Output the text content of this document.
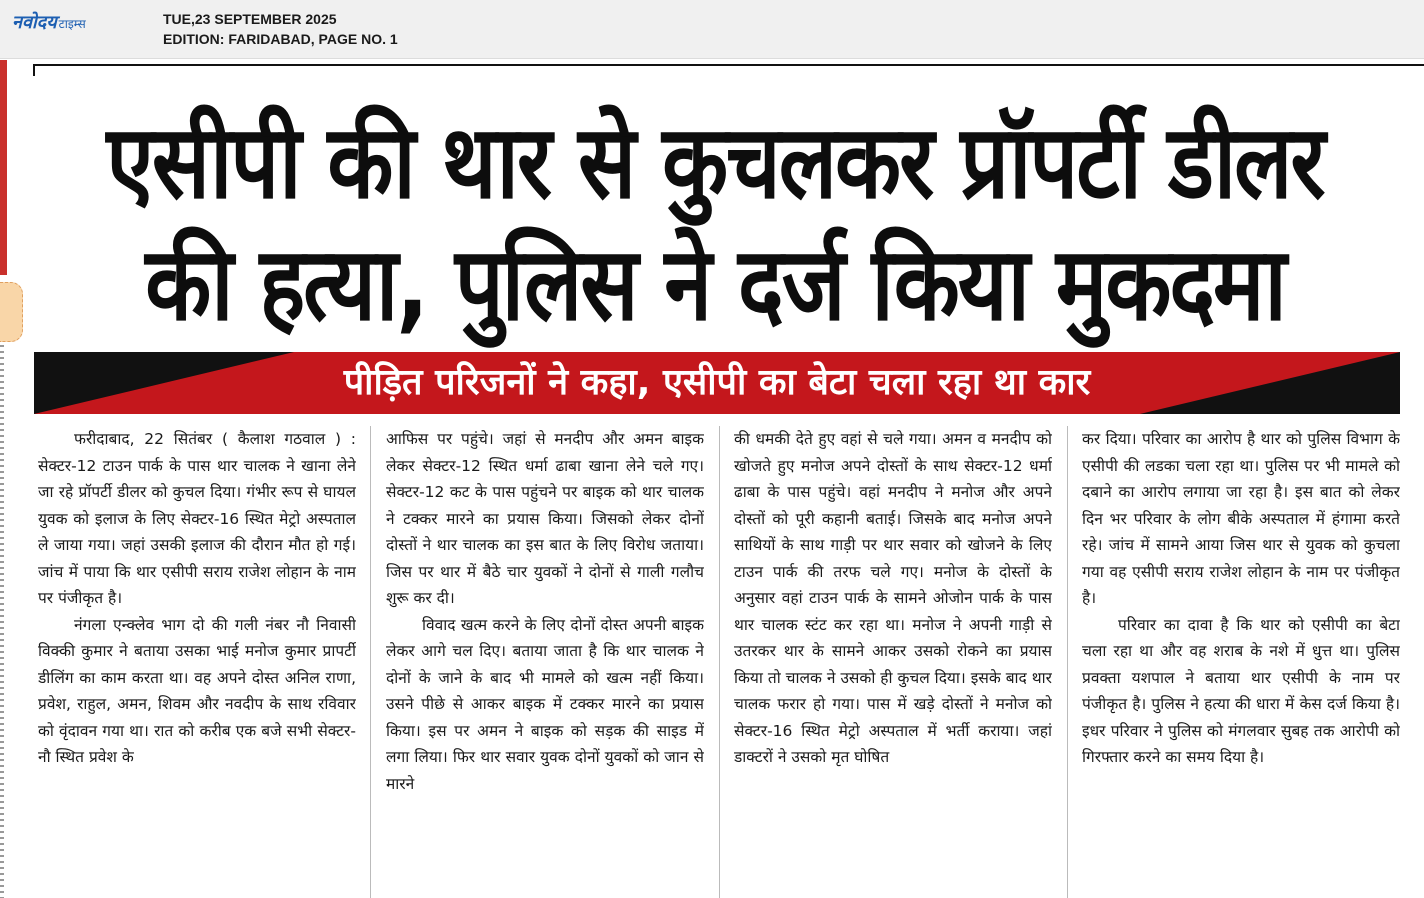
नवोदय टाइम्स	TUE,23 SEPTEMBER 2025
EDITION: FARIDABAD, PAGE NO. 1
एसीपी की थार से कुचलकर प्रॉपर्टी डीलर
की हत्या, पुलिस ने दर्ज किया मुकदमा
पीड़ित परिजनों ने कहा, एसीपी का बेटा चला रहा था कार

फरीदाबाद, 22 सितंबर ( कैलाश गठवाल ) : सेक्टर-12 टाउन पार्क के पास थार चालक ने खाना लेने जा रहे प्रॉपर्टी डीलर को कुचल दिया। गंभीर रूप से घायल युवक को इलाज के लिए सेक्टर-16 स्थित मेट्रो अस्पताल ले जाया गया। जहां उसकी इलाज की दौरान मौत हो गई। जांच में पाया कि थार एसीपी सराय राजेश लोहान के नाम पर पंजीकृत है।

नंगला एन्क्लेव भाग दो की गली नंबर नौ निवासी विक्की कुमार ने बताया उसका भाई मनोज कुमार प्रापर्टी डीलिंग का काम करता था। वह अपने दोस्त अनिल राणा, प्रवेश, राहुल, अमन, शिवम और नवदीप के साथ रविवार को वृंदावन गया था। रात को करीब एक बजे सभी सेक्टर-नौ स्थित प्रवेश के

आफिस पर पहुंचे। जहां से मनदीप और अमन बाइक लेकर सेक्टर-12 स्थित धर्मा ढाबा खाना लेने चले गए। सेक्टर-12 कट के पास पहुंचने पर बाइक को थार चालक ने टक्कर मारने का प्रयास किया। जिसको लेकर दोनों दोस्तों ने थार चालक का इस बात के लिए विरोध जताया। जिस पर थार में बैठे चार युवकों ने दोनों से गाली गलौच शुरू कर दी।

विवाद खत्म करने के लिए दोनों दोस्त अपनी बाइक लेकर आगे चल दिए। बताया जाता है कि थार चालक ने दोनों के जाने के बाद भी मामले को खत्म नहीं किया। उसने पीछे से आकर बाइक में टक्कर मारने का प्रयास किया। इस पर अमन ने बाइक को सड़क की साइड में लगा लिया। फिर थार सवार युवक दोनों युवकों को जान से मारने

की धमकी देते हुए वहां से चले गया। अमन व मनदीप को खोजते हुए मनोज अपने दोस्तों के साथ सेक्टर-12 धर्मा ढाबा के पास पहुंचे। वहां मनदीप ने मनोज और अपने दोस्तों को पूरी कहानी बताई। जिसके बाद मनोज अपने साथियों के साथ गाड़ी पर थार सवार को खोजने के लिए टाउन पार्क की तरफ चले गए। मनोज के दोस्तों के अनुसार वहां टाउन पार्क के सामने ओजोन पार्क के पास थार चालक स्टंट कर रहा था। मनोज ने अपनी गाड़ी से उतरकर थार के सामने आकर उसको रोकने का प्रयास किया तो चालक ने उसको ही कुचल दिया। इसके बाद थार चालक फरार हो गया। पास में खड़े दोस्तों ने मनोज को सेक्टर-16 स्थित मेट्रो अस्पताल में भर्ती कराया। जहां डाक्टरों ने उसको मृत घोषित

कर दिया। परिवार का आरोप है थार को पुलिस विभाग के एसीपी की लडका चला रहा था। पुलिस पर भी मामले को दबाने का आरोप लगाया जा रहा है। इस बात को लेकर दिन भर परिवार के लोग बीके अस्पताल में हंगामा करते रहे। जांच में सामने आया जिस थार से युवक को कुचला गया वह एसीपी सराय राजेश लोहान के नाम पर पंजीकृत है।

परिवार का दावा है कि थार को एसीपी का बेटा चला रहा था और वह शराब के नशे में धुत्त था। पुलिस प्रवक्ता यशपाल ने बताया थार एसीपी के नाम पर पंजीकृत है। पुलिस ने हत्या की धारा में केस दर्ज किया है। इधर परिवार ने पुलिस को मंगलवार सुबह तक आरोपी को गिरफ्तार करने का समय दिया है।
